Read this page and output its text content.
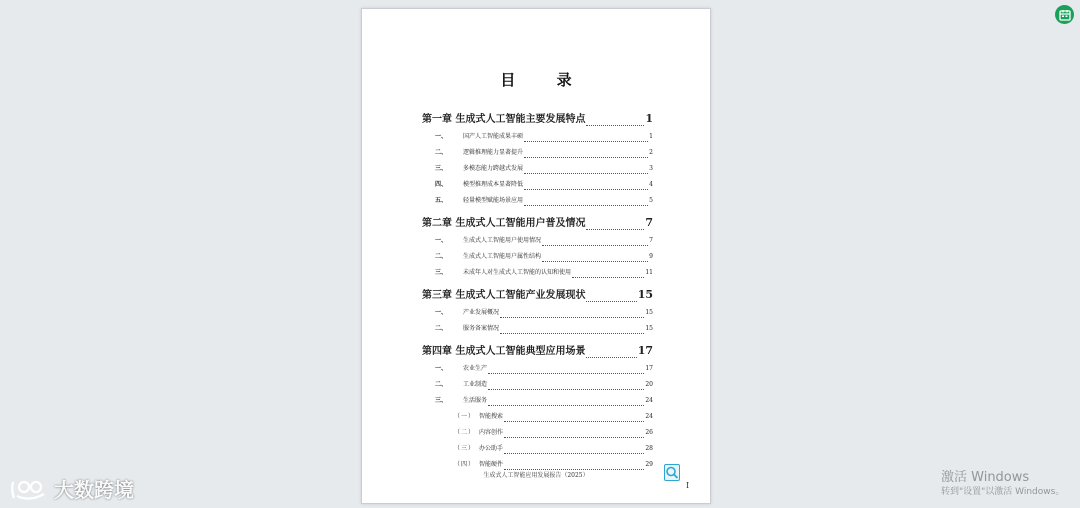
目 录
第一章 生成式人工智能主要发展特点	1
一、	国产人工智能成果丰硕	1
二、	逻辑推理能力显著提升	2
三、	多模态能力跨越式发展	3
四、	模型推理成本显著降低	4
五、	轻量模型赋能场景应用	5
第二章 生成式人工智能用户普及情况	7
一、	生成式人工智能用户使用情况	7
二、	生成式人工智能用户属性结构	9
三、	未成年人对生成式人工智能的认知和使用	11
第三章 生成式人工智能产业发展现状	15
一、	产业发展概况	15
二、	服务备案情况	15
第四章 生成式人工智能典型应用场景	17
一、	农业生产	17
二、	工业制造	20
三、	生活服务	24
（一） 智能搜索	24
（二） 内容创作	26
（三） 办公助手	28
（四） 智能硬件	29
生成式人工智能应用发展报告（2025）
I
大数跨境
激活 Windows
转到"设置"以激活 Windows。
